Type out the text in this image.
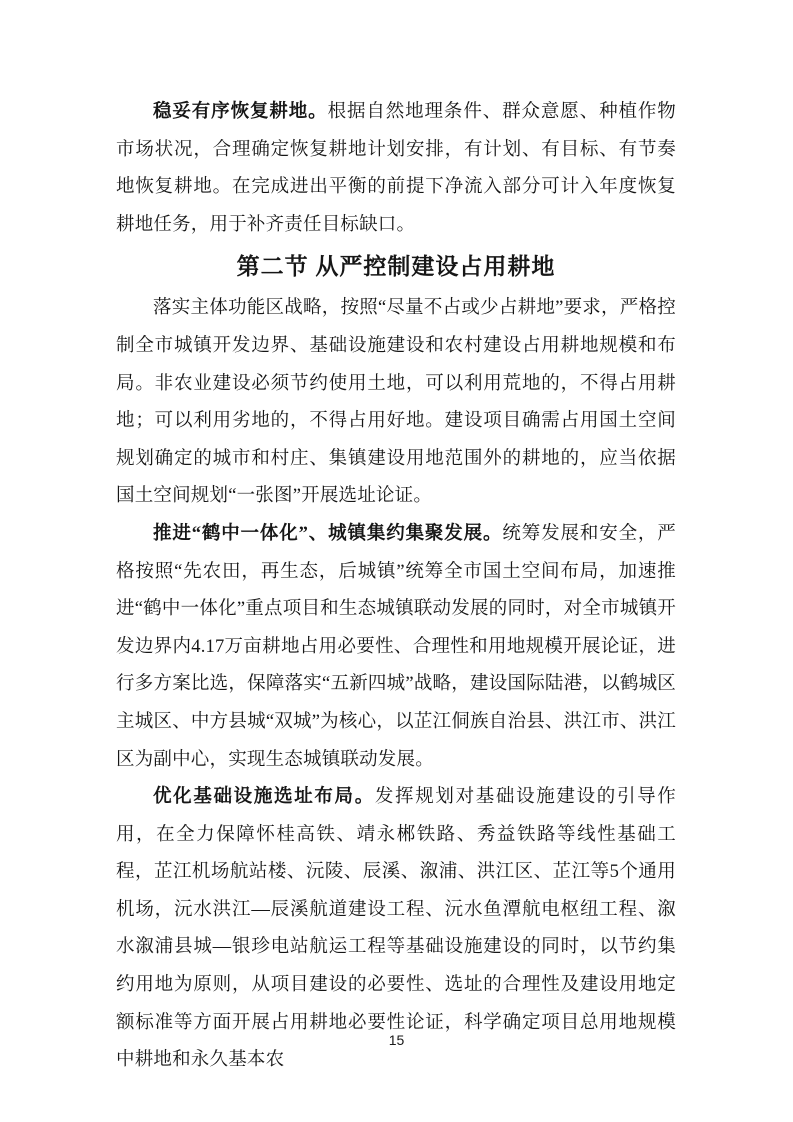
稳妥有序恢复耕地。根据自然地理条件、群众意愿、种植作物市场状况，合理确定恢复耕地计划安排，有计划、有目标、有节奏地恢复耕地。在完成进出平衡的前提下净流入部分可计入年度恢复耕地任务，用于补齐责任目标缺口。

第二节 从严控制建设占用耕地

落实主体功能区战略，按照“尽量不占或少占耕地”要求，严格控制全市城镇开发边界、基础设施建设和农村建设占用耕地规模和布局。非农业建设必须节约使用土地，可以利用荒地的，不得占用耕地；可以利用劣地的，不得占用好地。建设项目确需占用国土空间规划确定的城市和村庄、集镇建设用地范围外的耕地的，应当依据国土空间规划“一张图”开展选址论证。

推进“鹤中一体化”、城镇集约集聚发展。统筹发展和安全，严格按照“先农田，再生态，后城镇”统筹全市国土空间布局，加速推进“鹤中一体化”重点项目和生态城镇联动发展的同时，对全市城镇开发边界内4.17万亩耕地占用必要性、合理性和用地规模开展论证，进行多方案比选，保障落实“五新四城”战略，建设国际陆港，以鹤城区主城区、中方县城“双城”为核心，以芷江侗族自治县、洪江市、洪江区为副中心，实现生态城镇联动发展。

优化基础设施选址布局。发挥规划对基础设施建设的引导作用，在全力保障怀桂高铁、靖永郴铁路、秀益铁路等线性基础工程，芷江机场航站楼、沅陵、辰溪、溆浦、洪江区、芷江等5个通用机场，沅水洪江—辰溪航道建设工程、沅水鱼潭航电枢纽工程、溆水溆浦县城—银珍电站航运工程等基础设施建设的同时，以节约集约用地为原则，从项目建设的必要性、选址的合理性及建设用地定额标准等方面开展占用耕地必要性论证，科学确定项目总用地规模中耕地和永久基本农

15
